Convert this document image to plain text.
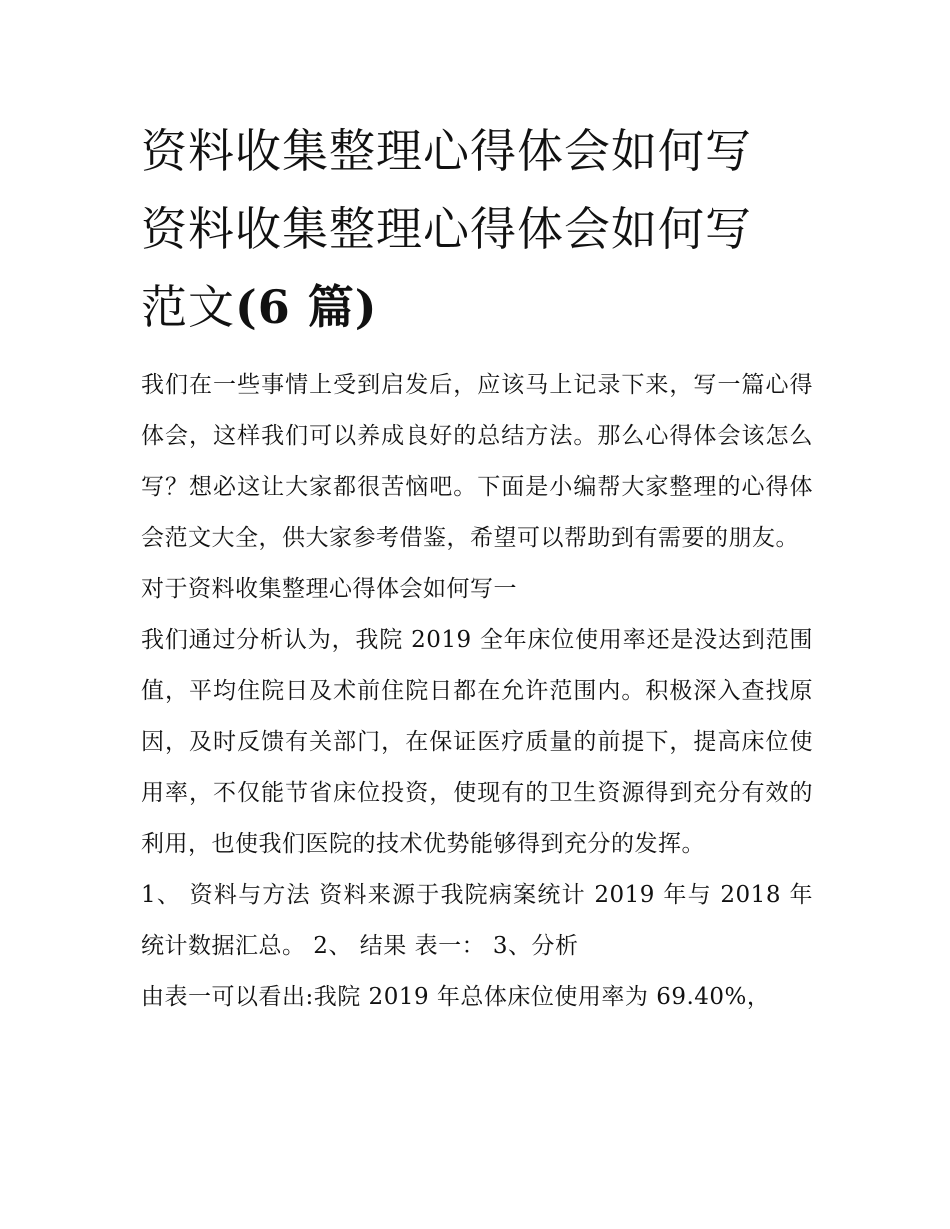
资料收集整理心得体会如何写
资料收集整理心得体会如何写
范文(6 篇)

我们在一些事情上受到启发后，应该马上记录下来，写一篇心得体会，这样我们可以养成良好的总结方法。那么心得体会该怎么写？想必这让大家都很苦恼吧。下面是小编帮大家整理的心得体会范文大全，供大家参考借鉴，希望可以帮助到有需要的朋友。

对于资料收集整理心得体会如何写一

我们通过分析认为，我院 2019 全年床位使用率还是没达到范围值，平均住院日及术前住院日都在允许范围内。积极深入查找原因，及时反馈有关部门，在保证医疗质量的前提下，提高床位使用率，不仅能节省床位投资，使现有的卫生资源得到充分有效的利用，也使我们医院的技术优势能够得到充分的发挥。

1、 资料与方法 资料来源于我院病案统计 2019 年与 2018 年统计数据汇总。 2、 结果 表一： 3、分析

由表一可以看出:我院 2019 年总体床位使用率为 69.40%，
